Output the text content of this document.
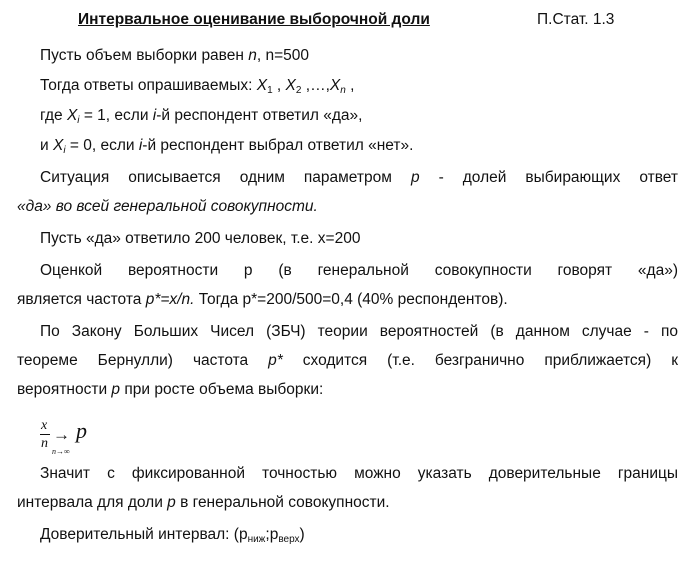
Интервальное оценивание выборочной доли	П.Стат. 1.3
Пусть объем выборки равен n, n=500
Тогда ответы опрашиваемых: $X_1$ , $X_2$ $,\dots,X_n$ ,
где $X_i = 1$, если i-й респондент ответил «да»,
и $X_i = 0$, если i-й респондент выбрал ответил «нет».
Ситуация описывается одним параметром p - долей выбирающих ответ
«да» во всей генеральной совокупности.
Пусть «да» ответило 200 человек, т.е. x=200
Оценкой вероятности p (в генеральной совокупности говорят «да»)
является частота p*=x/n. Тогда p*=200/500=0,4 (40% респондентов).
По Закону Больших Чисел (ЗБЧ) теории вероятностей (в данном случае - по
теореме Бернулли) частота p* сходится (т.е. безгранично приближается) к
вероятности p при росте объема выборки:
x
n → p
n→∞
Значит с фиксированной точностью можно указать доверительные границы
интервала для доли p в генеральной совокупности.
Доверительный интервал: $(р_{ниж};р_{верх})$
